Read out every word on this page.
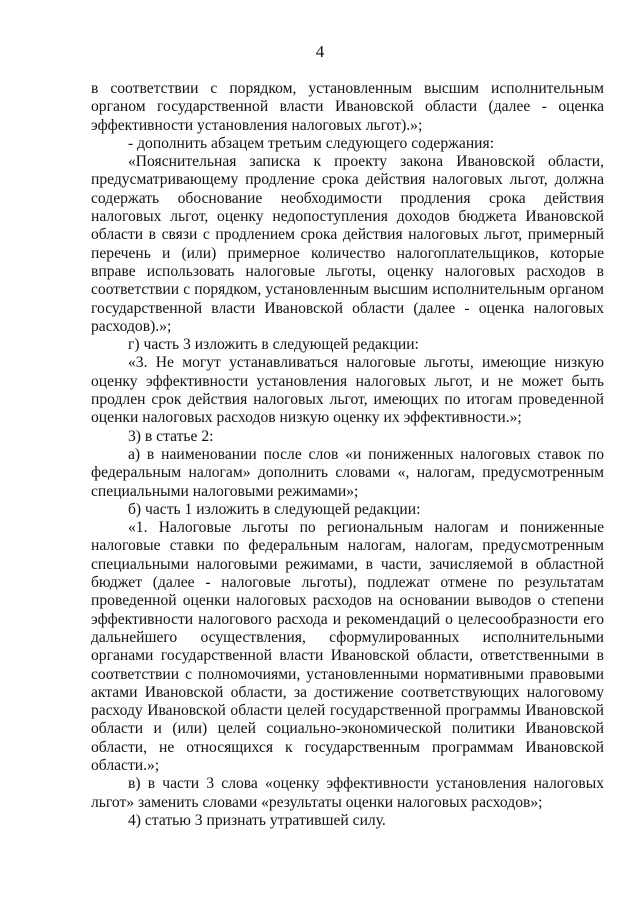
4

в соответствии с порядком, установленным высшим исполнительным органом государственной власти Ивановской области (далее - оценка эффективности установления налоговых льгот).»;

- дополнить абзацем третьим следующего содержания:

«Пояснительная записка к проекту закона Ивановской области, предусматривающему продление срока действия налоговых льгот, должна содержать обоснование необходимости продления срока действия налоговых льгот, оценку недопоступления доходов бюджета Ивановской области в связи с продлением срока действия налоговых льгот, примерный перечень и (или) примерное количество налогоплательщиков, которые вправе использовать налоговые льготы, оценку налоговых расходов в соответствии с порядком, установленным высшим исполнительным органом государственной власти Ивановской области (далее - оценка налоговых расходов).»;

г) часть 3 изложить в следующей редакции:

«3. Не могут устанавливаться налоговые льготы, имеющие низкую оценку эффективности установления налоговых льгот, и не может быть продлен срок действия налоговых льгот, имеющих по итогам проведенной оценки налоговых расходов низкую оценку их эффективности.»;

3) в статье 2:

а) в наименовании после слов «и пониженных налоговых ставок по федеральным налогам» дополнить словами «, налогам, предусмотренным специальными налоговыми режимами»;

б) часть 1 изложить в следующей редакции:

«1. Налоговые льготы по региональным налогам и пониженные налоговые ставки по федеральным налогам, налогам, предусмотренным специальными налоговыми режимами, в части, зачисляемой в областной бюджет (далее - налоговые льготы), подлежат отмене по результатам проведенной оценки налоговых расходов на основании выводов о степени эффективности налогового расхода и рекомендаций о целесообразности его дальнейшего осуществления, сформулированных исполнительными органами государственной власти Ивановской области, ответственными в соответствии с полномочиями, установленными нормативными правовыми актами Ивановской области, за достижение соответствующих налоговому расходу Ивановской области целей государственной программы Ивановской области и (или) целей социально-экономической политики Ивановской области, не относящихся к государственным программам Ивановской области.»;

в) в части 3 слова «оценку эффективности установления налоговых льгот» заменить словами «результаты оценки налоговых расходов»;

4) статью 3 признать утратившей силу.
